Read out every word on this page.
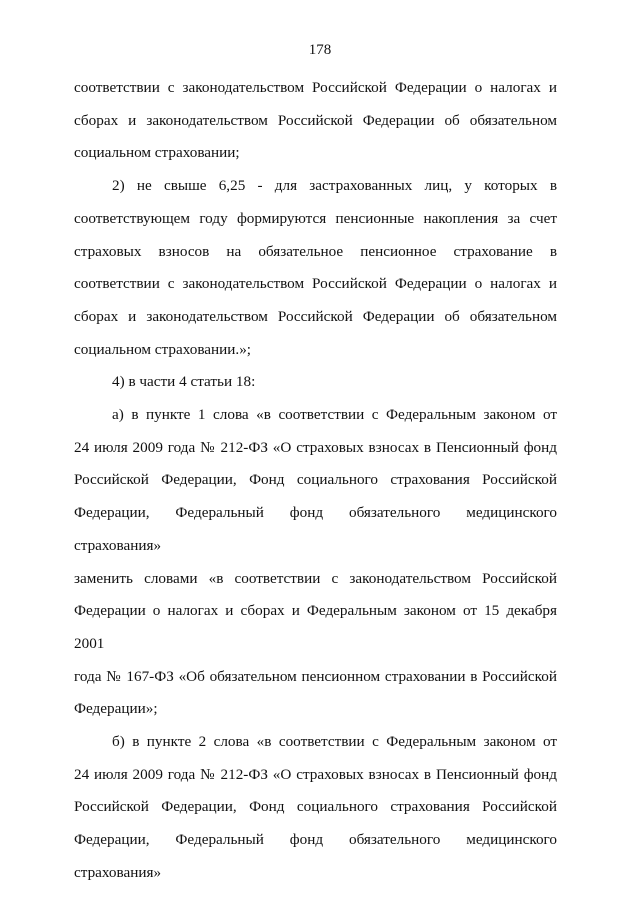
178
соответствии с законодательством Российской Федерации о налогах и
сборах и законодательством Российской Федерации об обязательном
социальном страховании;
2) не свыше 6,25 - для застрахованных лиц, у которых в
соответствующем году формируются пенсионные накопления за счет
страховых взносов на обязательное пенсионное страхование в
соответствии с законодательством Российской Федерации о налогах и
сборах и законодательством Российской Федерации об обязательном
социальном страховании.»;
4) в части 4 статьи 18:
а) в пункте 1 слова «в соответствии с Федеральным законом от
24 июля 2009 года № 212-ФЗ «О страховых взносах в Пенсионный фонд
Российской Федерации, Фонд социального страхования Российской
Федерации, Федеральный фонд обязательного медицинского страхования»
заменить словами «в соответствии с законодательством Российской
Федерации о налогах и сборах и Федеральным законом от 15 декабря 2001
года № 167-ФЗ «Об обязательном пенсионном страховании в Российской
Федерации»;
б) в пункте 2 слова «в соответствии с Федеральным законом от
24 июля 2009 года № 212-ФЗ «О страховых взносах в Пенсионный фонд
Российской Федерации, Фонд социального страхования Российской
Федерации, Федеральный фонд обязательного медицинского страхования»
